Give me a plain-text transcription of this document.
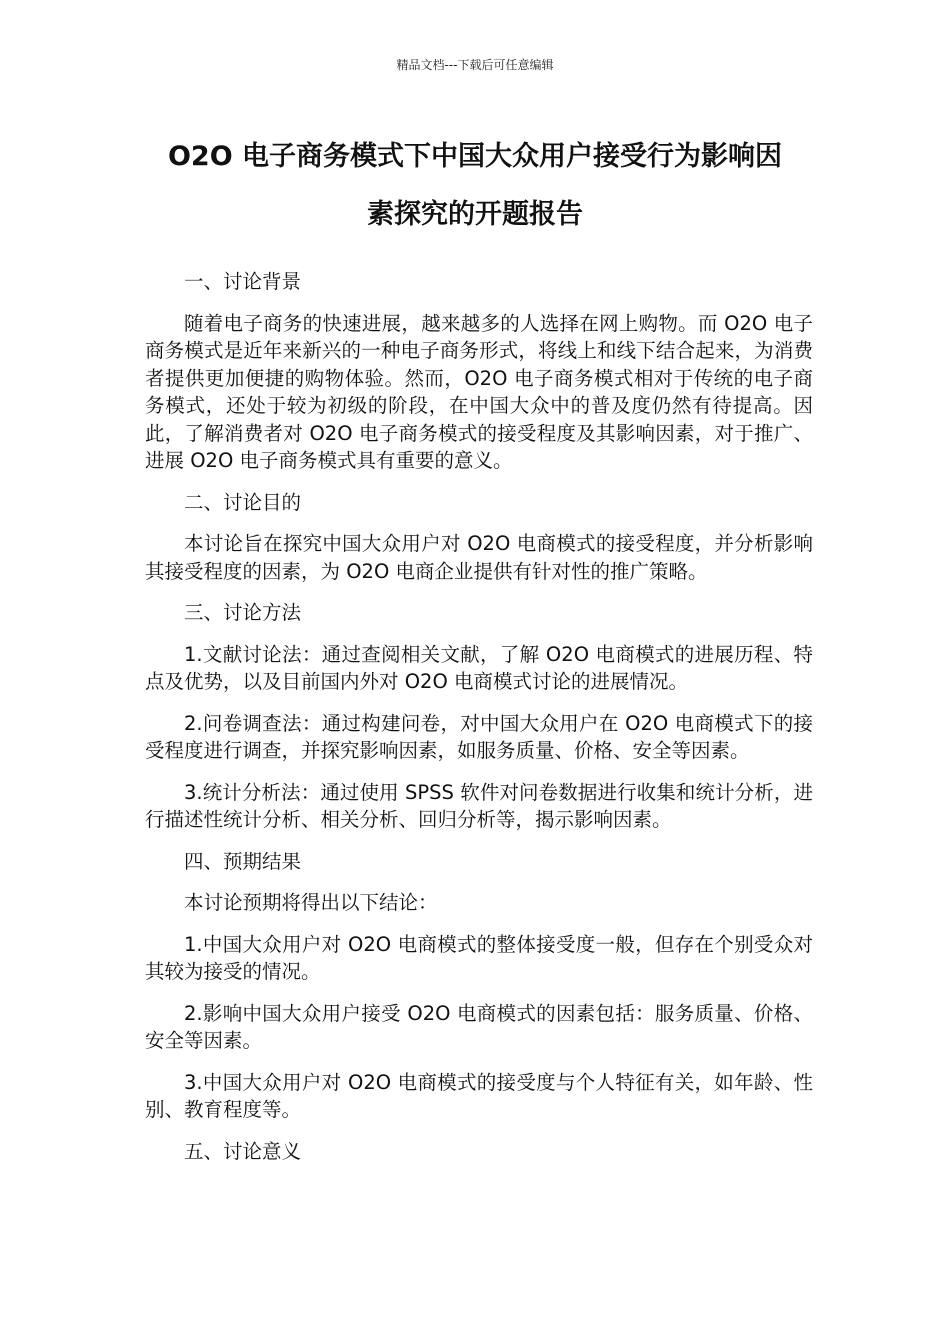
精品文档---下载后可任意编辑
O2O 电子商务模式下中国大众用户接受行为影响因
素探究的开题报告

一、讨论背景

随着电子商务的快速进展，越来越多的人选择在网上购物。而 O2O 电子商务模式是近年来新兴的一种电子商务形式，将线上和线下结合起来，为消费者提供更加便捷的购物体验。然而，O2O 电子商务模式相对于传统的电子商务模式，还处于较为初级的阶段，在中国大众中的普及度仍然有待提高。因此，了解消费者对 O2O 电子商务模式的接受程度及其影响因素，对于推广、进展 O2O 电子商务模式具有重要的意义。

二、讨论目的

本讨论旨在探究中国大众用户对 O2O 电商模式的接受程度，并分析影响其接受程度的因素，为 O2O 电商企业提供有针对性的推广策略。

三、讨论方法

1.文献讨论法：通过查阅相关文献，了解 O2O 电商模式的进展历程、特点及优势，以及目前国内外对 O2O 电商模式讨论的进展情况。

2.问卷调查法：通过构建问卷，对中国大众用户在 O2O 电商模式下的接受程度进行调查，并探究影响因素，如服务质量、价格、安全等因素。

3.统计分析法：通过使用 SPSS 软件对问卷数据进行收集和统计分析，进行描述性统计分析、相关分析、回归分析等，揭示影响因素。

四、预期结果

本讨论预期将得出以下结论：

1.中国大众用户对 O2O 电商模式的整体接受度一般，但存在个别受众对其较为接受的情况。

2.影响中国大众用户接受 O2O 电商模式的因素包括：服务质量、价格、安全等因素。

3.中国大众用户对 O2O 电商模式的接受度与个人特征有关，如年龄、性别、教育程度等。

五、讨论意义
